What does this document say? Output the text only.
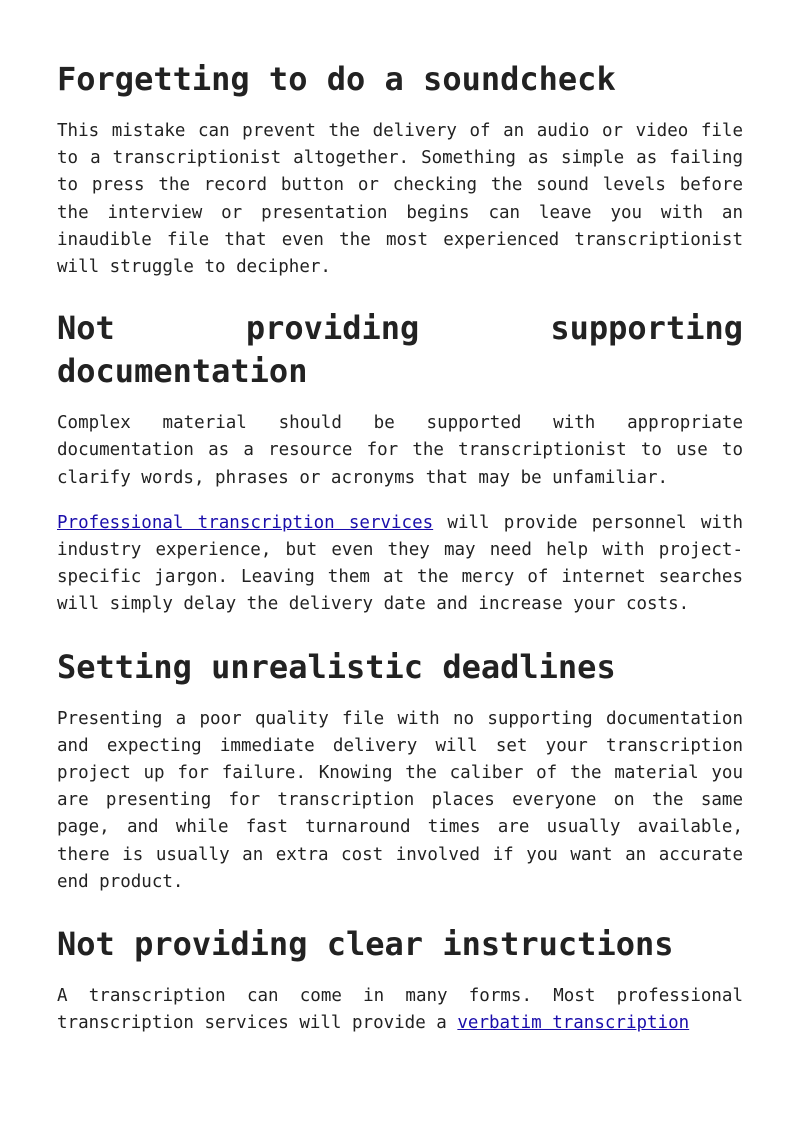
Forgetting to do a soundcheck

This mistake can prevent the delivery of an audio or video file to a transcriptionist altogether. Something as simple as failing to press the record button or checking the sound levels before the interview or presentation begins can leave you with an inaudible file that even the most experienced transcriptionist will struggle to decipher.

Not providing supporting documentation

Complex material should be supported with appropriate documentation as a resource for the transcriptionist to use to clarify words, phrases or acronyms that may be unfamiliar.

Professional transcription services will provide personnel with industry experience, but even they may need help with project-specific jargon. Leaving them at the mercy of internet searches will simply delay the delivery date and increase your costs.

Setting unrealistic deadlines

Presenting a poor quality file with no supporting documentation and expecting immediate delivery will set your transcription project up for failure. Knowing the caliber of the material you are presenting for transcription places everyone on the same page, and while fast turnaround times are usually available, there is usually an extra cost involved if you want an accurate end product.

Not providing clear instructions

A transcription can come in many forms. Most professional transcription services will provide a verbatim transcription
